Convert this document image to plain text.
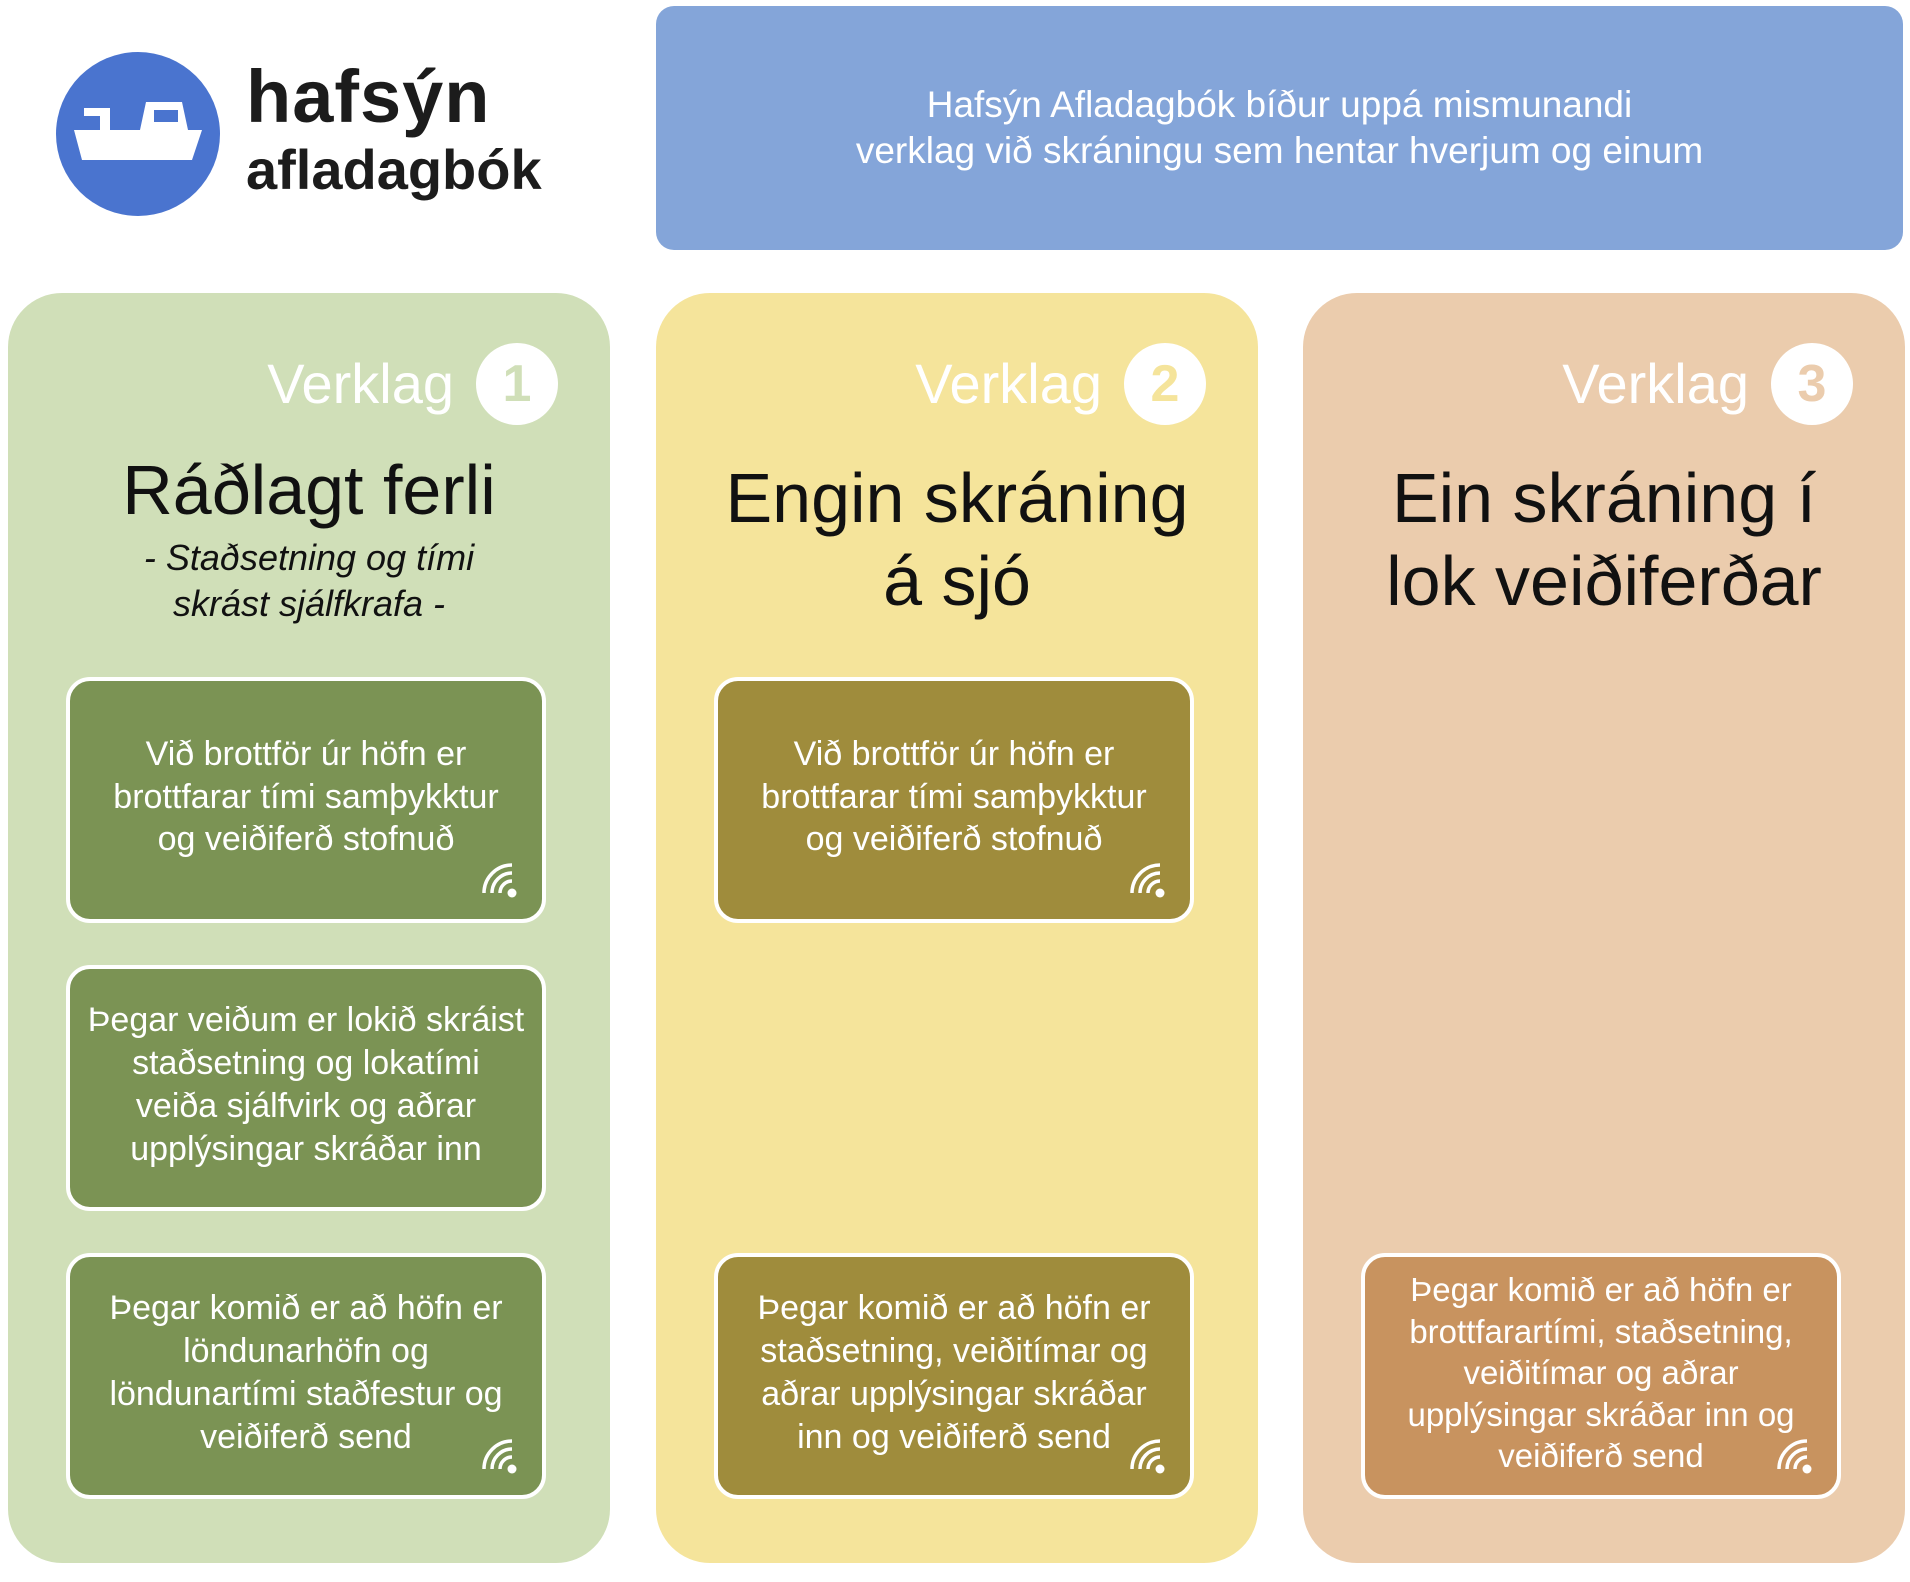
hafsýn
afladagbók
Hafsýn Afladagbók bíður uppá mismunandi
verklag við skráningu sem hentar hverjum og einum
Verklag 1
Ráðlagt ferli
- Staðsetning og tími
skrást sjálfkrafa -
Við brottför úr höfn er
brottfarar tími samþykktur
og veiðiferð stofnuð
Þegar veiðum er lokið skráist
staðsetning og lokatími
veiða sjálfvirk og aðrar
upplýsingar skráðar inn
Þegar komið er að höfn er
löndunarhöfn og
löndunartími staðfestur og
veiðiferð send
Verklag 2
Engin skráning
á sjó
Við brottför úr höfn er
brottfarar tími samþykktur
og veiðiferð stofnuð
Þegar komið er að höfn er
staðsetning, veiðitímar og
aðrar upplýsingar skráðar
inn og veiðiferð send
Verklag 3
Ein skráning í
lok veiðiferðar
Þegar komið er að höfn er
brottfarartími, staðsetning,
veiðitímar og aðrar
upplýsingar skráðar inn og
veiðiferð send
